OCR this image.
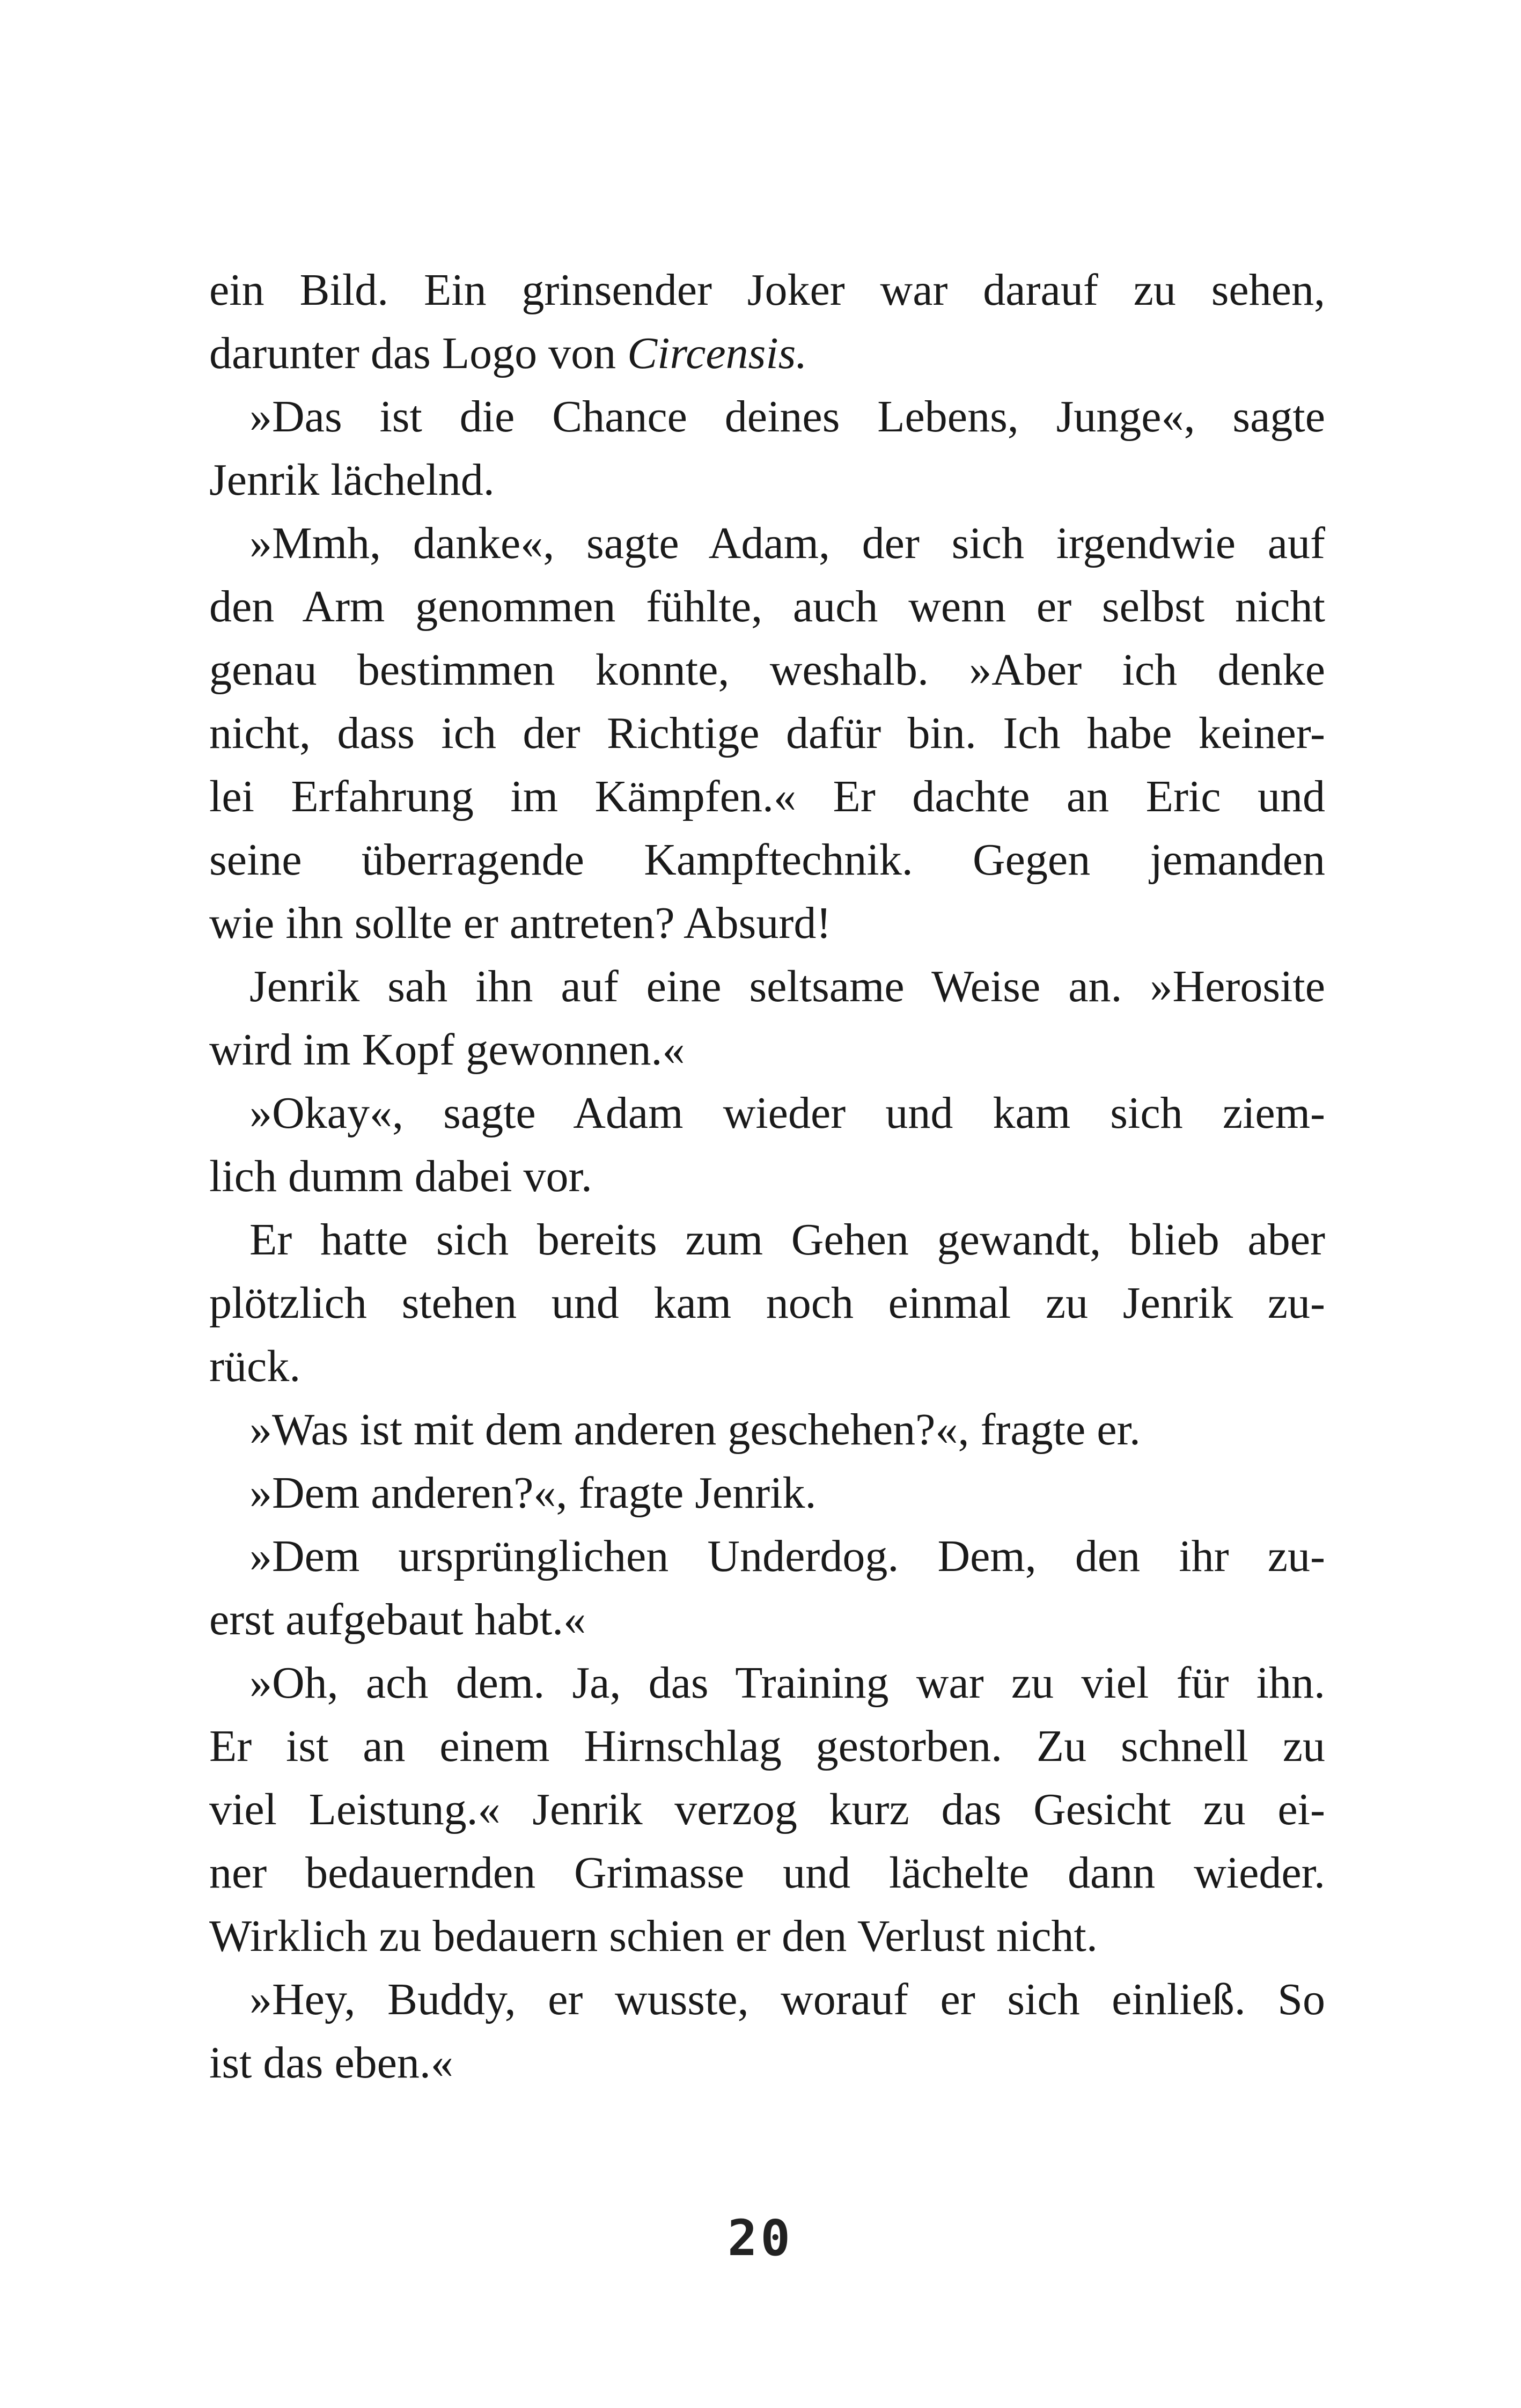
ein Bild. Ein grinsender Joker war darauf zu sehen,
darunter das Logo von Circensis.
»Das ist die Chance deines Lebens, Junge«, sagte
Jenrik lächelnd.
»Mmh, danke«, sagte Adam, der sich irgendwie auf
den Arm genommen fühlte, auch wenn er selbst nicht
genau bestimmen konnte, weshalb. »Aber ich denke
nicht, dass ich der Richtige dafür bin. Ich habe keiner-
lei Erfahrung im Kämpfen.« Er dachte an Eric und
seine überragende Kampftechnik. Gegen jemanden
wie ihn sollte er antreten? Absurd!
Jenrik sah ihn auf eine seltsame Weise an. »Herosite
wird im Kopf gewonnen.«
»Okay«, sagte Adam wieder und kam sich ziem-
lich dumm dabei vor.
Er hatte sich bereits zum Gehen gewandt, blieb aber
plötzlich stehen und kam noch einmal zu Jenrik zu-
rück.
»Was ist mit dem anderen geschehen?«, fragte er.
»Dem anderen?«, fragte Jenrik.
»Dem ursprünglichen Underdog. Dem, den ihr zu-
erst aufgebaut habt.«
»Oh, ach dem. Ja, das Training war zu viel für ihn.
Er ist an einem Hirnschlag gestorben. Zu schnell zu
viel Leistung.« Jenrik verzog kurz das Gesicht zu ei-
ner bedauernden Grimasse und lächelte dann wieder.
Wirklich zu bedauern schien er den Verlust nicht.
»Hey, Buddy, er wusste, worauf er sich einließ. So
ist das eben.«
20
